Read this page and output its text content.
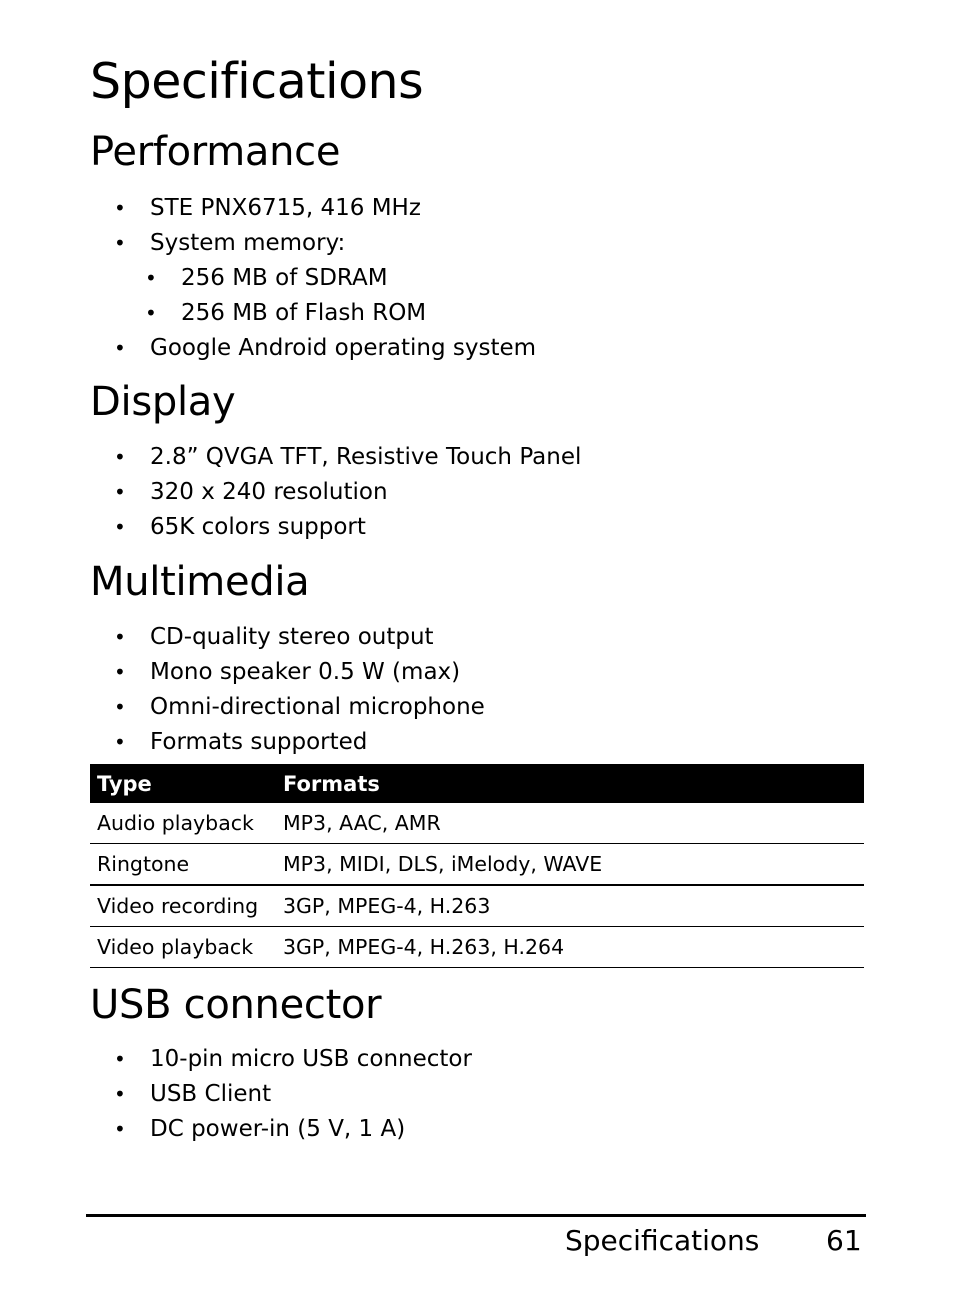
Specifications
Performance
• STE PNX6715, 416 MHz
• System memory:
• 256 MB of SDRAM
• 256 MB of Flash ROM
• Google Android operating system
Display
• 2.8” QVGA TFT, Resistive Touch Panel
• 320 x 240 resolution
• 65K colors support
Multimedia
• CD-quality stereo output
• Mono speaker 0.5 W (max)
• Omni-directional microphone
• Formats supported
Type	Formats
Audio playback	MP3, AAC, AMR
Ringtone	MP3, MIDI, DLS, iMelody, WAVE
Video recording	3GP, MPEG-4, H.263
Video playback	3GP, MPEG-4, H.263, H.264
USB connector
• 10-pin micro USB connector
• USB Client
• DC power-in (5 V, 1 A)
Specifications 61
